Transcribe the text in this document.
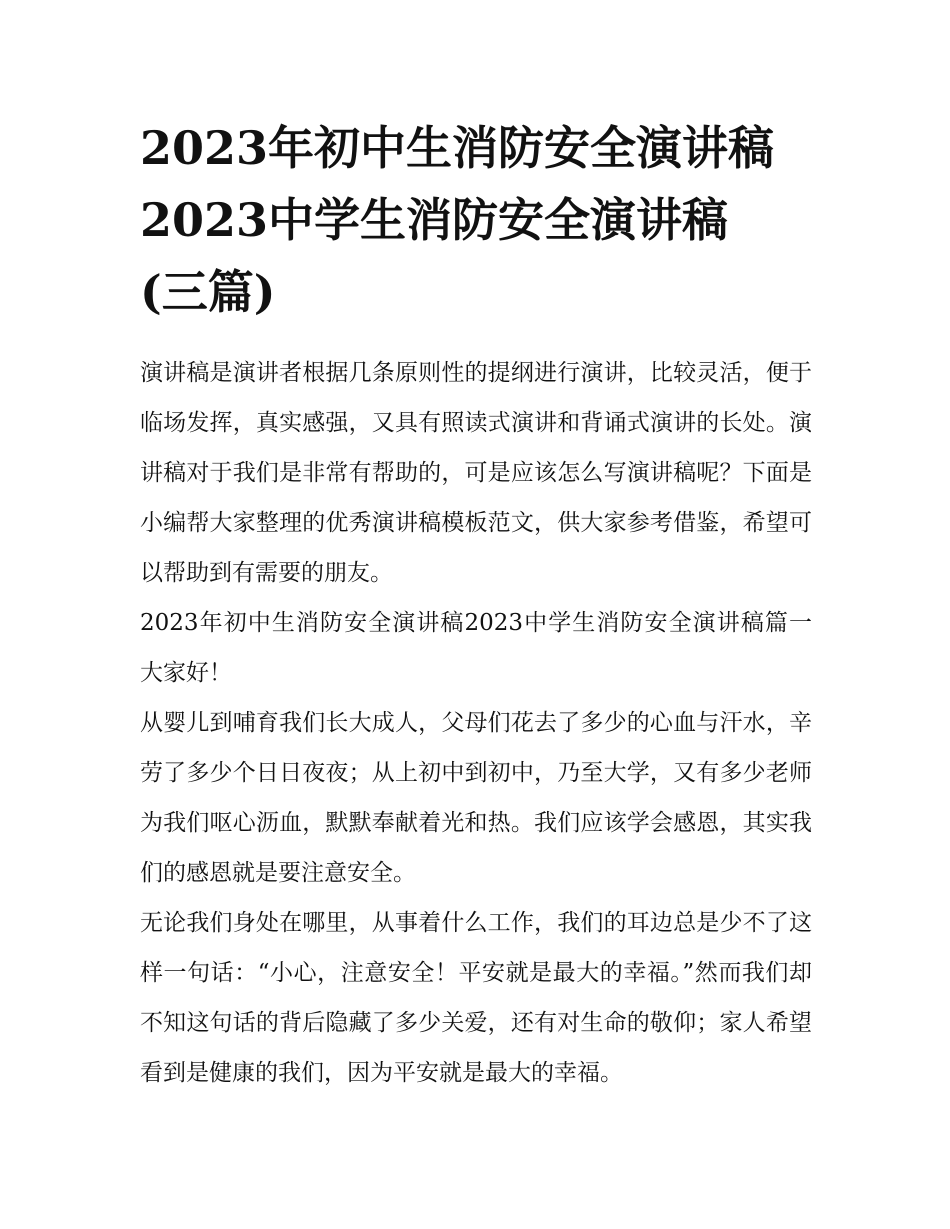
2023年初中生消防安全演讲稿
2023中学生消防安全演讲稿
(三篇)

演讲稿是演讲者根据几条原则性的提纲进行演讲，比较灵活，便于临场发挥，真实感强，又具有照读式演讲和背诵式演讲的长处。演讲稿对于我们是非常有帮助的，可是应该怎么写演讲稿呢？下面是小编帮大家整理的优秀演讲稿模板范文，供大家参考借鉴，希望可以帮助到有需要的朋友。

2023年初中生消防安全演讲稿2023中学生消防安全演讲稿篇一 大家好！

从婴儿到哺育我们长大成人，父母们花去了多少的心血与汗水，辛劳了多少个日日夜夜；从上初中到初中，乃至大学，又有多少老师为我们呕心沥血，默默奉献着光和热。我们应该学会感恩，其实我们的感恩就是要注意安全。

无论我们身处在哪里，从事着什么工作，我们的耳边总是少不了这样一句话：“小心，注意安全！平安就是最大的幸福。”然而我们却不知这句话的背后隐藏了多少关爱，还有对生命的敬仰；家人希望看到是健康的我们，因为平安就是最大的幸福。
